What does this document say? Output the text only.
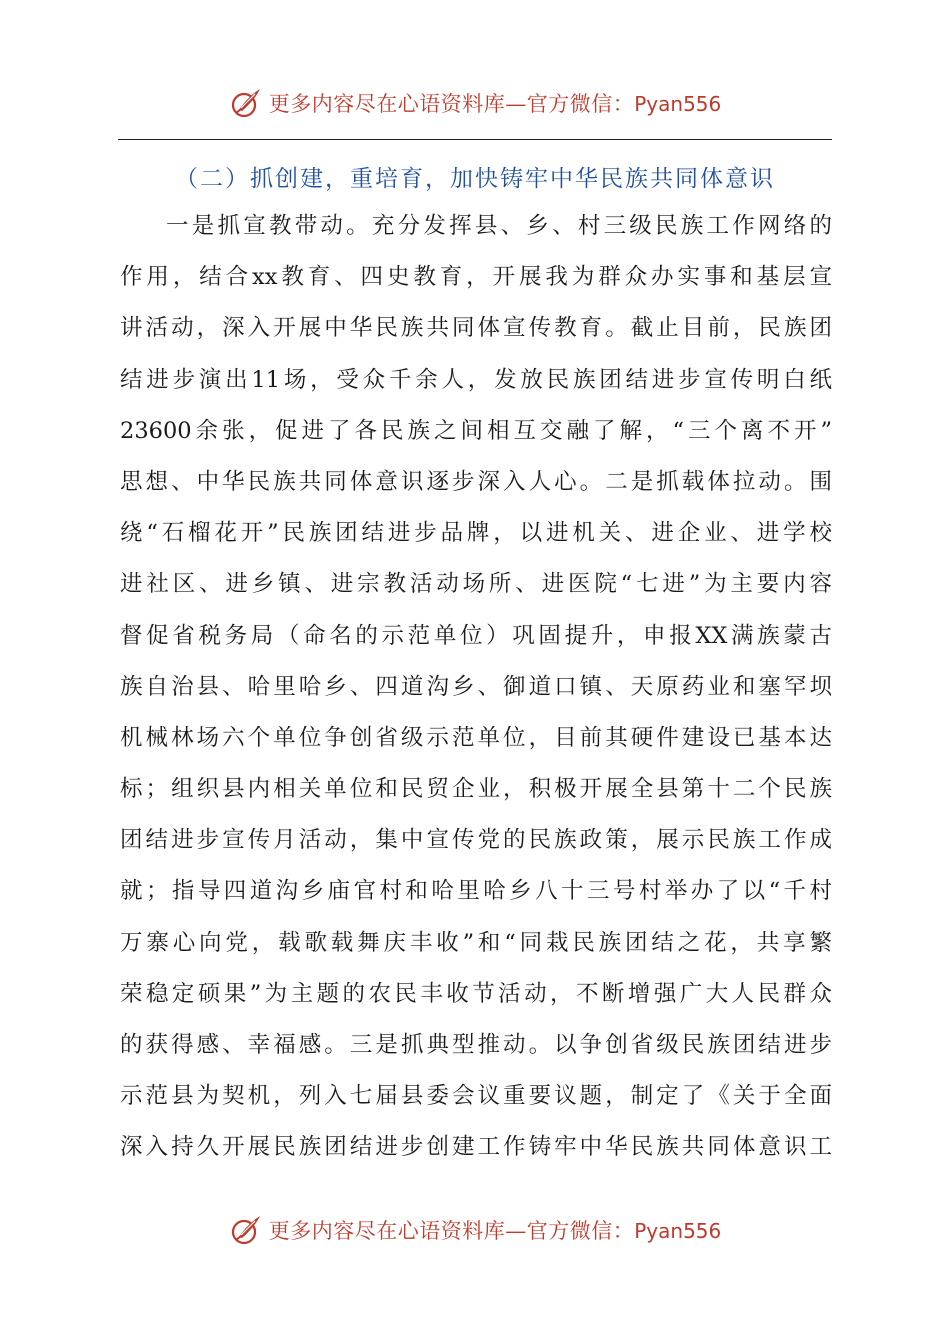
更多内容尽在心语资料库—官方微信：Pyan556
（二）抓创建，重培育，加快铸牢中华民族共同体意识
一是抓宣教带动。充分发挥县、乡、村三级民族工作网络的
作用，结合xx教育、四史教育，开展我为群众办实事和基层宣
讲活动，深入开展中华民族共同体宣传教育。截止目前，民族团
结进步演出11场，受众千余人，发放民族团结进步宣传明白纸
23600余张，促进了各民族之间相互交融了解，“三个离不开”
思想、中华民族共同体意识逐步深入人心。二是抓载体拉动。围
绕“石榴花开”民族团结进步品牌，以进机关、进企业、进学校
进社区、进乡镇、进宗教活动场所、进医院“七进”为主要内容
督促省税务局（命名的示范单位）巩固提升，申报XX满族蒙古
族自治县、哈里哈乡、四道沟乡、御道口镇、天原药业和塞罕坝
机械林场六个单位争创省级示范单位，目前其硬件建设已基本达
标；组织县内相关单位和民贸企业，积极开展全县第十二个民族
团结进步宣传月活动，集中宣传党的民族政策，展示民族工作成
就；指导四道沟乡庙官村和哈里哈乡八十三号村举办了以“千村
万寨心向党，载歌载舞庆丰收”和“同栽民族团结之花，共享繁
荣稳定硕果”为主题的农民丰收节活动，不断增强广大人民群众
的获得感、幸福感。三是抓典型推动。以争创省级民族团结进步
示范县为契机，列入七届县委会议重要议题，制定了《关于全面
深入持久开展民族团结进步创建工作铸牢中华民族共同体意识工
更多内容尽在心语资料库—官方微信：Pyan556
